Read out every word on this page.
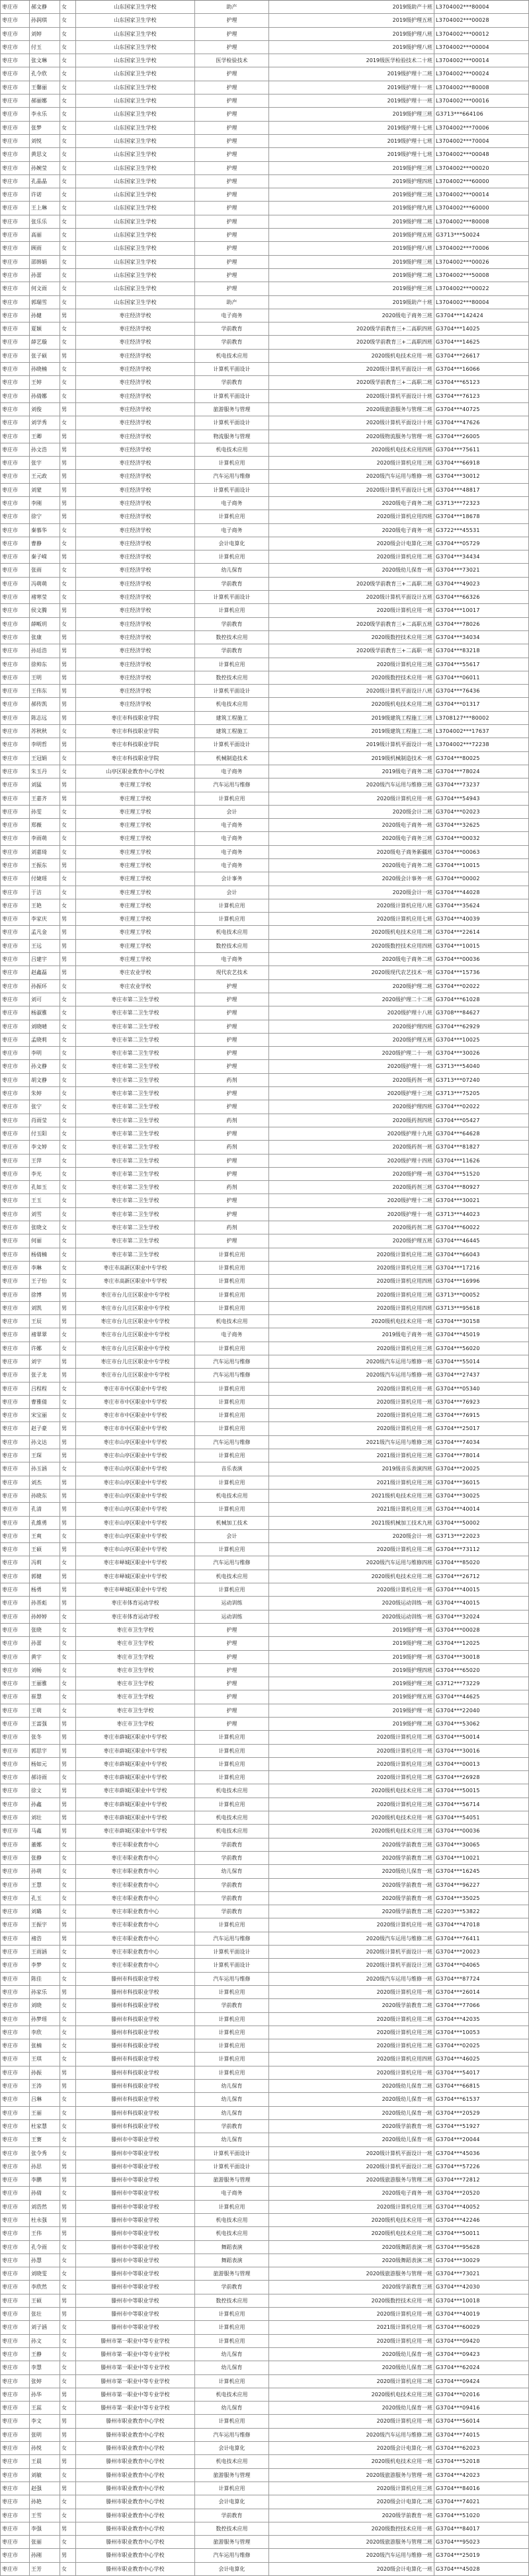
枣庄市	郝文静	女	山东国家卫生学校	助产	2019级助产十班 L3704002***80004
枣庄市	孙润琪	女	山东国家卫生学校	护理	2019级护理五班 L3704002***00028
枣庄市	刘婷	女	山东国家卫生学校	护理	2019级护理八班 L3704002***00012
枣庄市	付玉	女	山东国家卫生学校	护理	2019级护理八班 L3704002***00004
枣庄市	张文琳	女	山东国家卫生学校	医学检验技术	2019级医学检验技术二十班 L3704002***00014
枣庄市	孔令欣	女	山东国家卫生学校	护理	2019级护理十二班 L3704002***00024
枣庄市	王馨丽	女	山东国家卫生学校	护理	2019级护理十一班 L3704002***80008
枣庄市	郝丽娜	女	山东国家卫生学校	护理	2019级护理十一班 L3704002***00016
枣庄市	李永乐	女	山东国家卫生学校	护理	2019级护理三班 G3713***664106
枣庄市	张梦	女	山东国家卫生学校	护理	2019级护理十七班 L3704002***70006
枣庄市	刘悦	女	山东国家卫生学校	护理	2019级护理十七班 L3704002***70004
枣庄市	黄思文	女	山东国家卫生学校	护理	2019级护理十七班 L3704002***00048
枣庄市	孙婉莹	女	山东国家卫生学校	护理	2019级护理三班 L3704002***00020
枣庄市	孔晶晶	女	山东国家卫生学校	护理	2019级护理四班 L3704002***60000
枣庄市	许诺	女	山东国家卫生学校	护理	2019级护理三班 L3704002***00014
枣庄市	王上琳	女	山东国家卫生学校	护理	2019级护理九班 L3704002***60000
枣庄市	张乐乐	女	山东国家卫生学校	护理	2019级护理二班 L3704002***80008
枣庄市	高丽	女	山东国家卫生学校	护理	2019级护理五班 G3713***50024
枣庄市	顾雨	女	山东国家卫生学校	护理	2019级护理八班 L3704002***70006
枣庄市	邵韩娟	女	山东国家卫生学校	护理	2019级护理三班 L3704002***00026
枣庄市	孙蕾	女	山东国家卫生学校	护理	2019级护理二班 L3704002***50008
枣庄市	何文雨	女	山东国家卫生学校	护理	2019级护理三班 L3704002***00022
枣庄市	郭瑞雪	女	山东国家卫生学校	助产	2019级助产十班 L3704002***80004
枣庄市	孙健	男	枣庄经济学校	电子商务	2020级电子商务三班 G3704***142424
枣庄市	夏颖	女	枣庄经济学校	学前教育	2020级学前教育三+二高职四班 G3704***14025
枣庄市	薛艺璇	女	枣庄经济学校	学前教育	2020级学前教育三+二高职四班 G3704***14625
枣庄市	张子硕	男	枣庄经济学校	机电技术应用	2020级机电技术应用一班 G3704***26617
枣庄市	孙晓楠	女	枣庄经济学校	计算机平面设计	2020级计算机平面设计一班 G3704***16066
枣庄市	王婷	女	枣庄经济学校	学前教育	2020级学前教育三+二高职二班 G3704***65123
枣庄市	孙倩娜	女	枣庄经济学校	计算机平面设计	2020级计算机平面设计十班 G3704***76123
枣庄市	刘俊	男	枣庄经济学校	旅游服务与管理	2020级旅游服务与管理二班 G3704***40725
枣庄市	刘学秀	女	枣庄经济学校	计算机平面设计	2020级计算机平面设计十班 G3704***47626
枣庄市	王卿	男	枣庄经济学校	物流服务与管理	2020级物流服务与管理一班 G3704***26005
枣庄市	孙文浩	男	枣庄经济学校	机电技术应用	2020级机电技术应用四班 G3704***75611
枣庄市	张宇	男	枣庄经济学校	计算机应用	2020级计算机应用三班 G3704***66918
枣庄市	王元政	男	枣庄经济学校	汽车运用与维修	2020级汽车运用与维修一班 G3704***30012
枣庄市	刘蒙	男	枣庄经济学校	计算机平面设计	2020级计算机平面设计七班 G3704***48817
枣庄市	李刚	男	枣庄经济学校	电子商务	2020级电子商务二班 G3713***72323
枣庄市	徐宁	男	枣庄经济学校	计算机应用	2020级计算机应用四班 G3704***18678
枣庄市	秦慕华	女	枣庄经济学校	电子商务	2020级电子商务一班 G3722***45531
枣庄市	曹静	女	枣庄经济学校	会计电算化	2020级会计电算化三班 G3704***05729
枣庄市	秦子嵘	男	枣庄经济学校	计算机应用	2020级计算机应用二班 G3704***34434
枣庄市	张雨	女	枣庄经济学校	幼儿保育	2020级幼儿保育一班 G3704***73021
枣庄市	冯萌萌	女	枣庄经济学校	学前教育	2020级学前教育三+二高职二班 G3704***49023
枣庄市	褚寒莹	女	枣庄经济学校	计算机平面设计	2020级计算机平面设计五班 G3704***66326
枣庄市	侯文腾	男	枣庄经济学校	计算机应用	2020级计算机应用一班 G3704***10017
枣庄市	薛畈玥	女	枣庄经济学校	学前教育	2020级学前教育三+二高职五班 G3704***78026
枣庄市	张康	男	枣庄经济学校	数控技术应用	2020级数控技术应用三班 G3704***34034
枣庄市	孙廷浩	男	枣庄经济学校	学前教育	2020级学前教育三+二高职一班 G3704***83218
枣庄市	徐帅东	男	枣庄经济学校	计算机应用	2020级计算机应用三班 G3704***55617
枣庄市	王明	男	枣庄经济学校	数控技术应用	2020级数控技术应用一班 G3704***06011
枣庄市	王伟东	男	枣庄经济学校	计算机平面设计	2020级计算机平面设计八班 G3704***76436
枣庄市	郝传凯	男	枣庄经济学校	机电技术应用	2020级机电技术应用二班 G3704***01317
枣庄市	陈志远	男	枣庄市科技职业学院	建筑工程施工	2019级建筑工程施工三班 L3708127***80002
枣庄市	苏秋秋	女	枣庄市科技职业学院	建筑工程施工	2019级建筑工程施工二班 L3704002***17637
枣庄市	李明哲	男	枣庄市科技职业学院	计算机平面设计	2019级计算机平面设计一班 L3704002***72238
枣庄市	王冠娟	女	枣庄市科技职业学院	机械制造技术	2019级机械制造技术一班 G3704***80025
枣庄市	朱玉丹	女	山亭区职业教育中心学校	电子商务	2019级电子商务二班 G3704***78024
枣庄市	刘猛	男	枣庄理工学校	汽车运用与维修	2020级汽车运用与维修三班 G3704***73237
枣庄市	王嘉齐	男	枣庄理工学校	计算机应用	2020级计算机应用一班 G3704***54943
枣庄市	孙雯	女	枣庄理工学校	会计	2020级会计二班 G3704***02023
枣庄市	郑薇	女	枣庄理工学校	电子商务	2020级电子商务一班 G3704***32625
枣庄市	李雨萌	女	枣庄理工学校	电子商务	2020级电子商务三班 G3704***00032
枣庄市	刘嘉琦	女	枣庄理工学校	电子商务	2020级电子商务新疆班 G3704***00063
枣庄市	王振东	男	枣庄理工学校	电子商务	2020级电子商务二班 G3704***10015
枣庄市	付婕瑶	女	枣庄理工学校	会计事务	2020级会计事务一班 G3704***00002
枣庄市	于洁	女	枣庄理工学校	会计	2020级会计一班 G3704***44028
枣庄市	王艳	女	枣庄理工学校	计算机应用	2020级计算机应用八班 G3704***35624
枣庄市	李家庆	男	枣庄理工学校	计算机应用	2020级计算机应用七班 G3704***40039
枣庄市	孟凡金	男	枣庄理工学校	机电技术应用	2020级机电技术应用二班 G3704***22614
枣庄市	王远	男	枣庄理工学校	数控技术应用	2020级数控技术应用四班 G3704***10015
枣庄市	吕建宇	男	枣庄理工学校	电子商务	2020级电子商务二班 G3704***00036
枣庄市	赵鑫磊	男	枣庄农业学校	现代农艺技术	2020级现代农艺技术一班 G3704***15736
枣庄市	孙振环	女	枣庄农业学校	护理	2020级护理二班 G3704***02022
枣庄市	刘可	女	枣庄市第二卫生学校	护理	2020级护理二十二班 G3704***61028
枣庄市	杨淑雅	女	枣庄市第二卫生学校	护理	2020级护理十八班 G3708***84627
枣庄市	刘晓晴	女	枣庄市第二卫生学校	护理	2020级护理四班 G3704***62929
枣庄市	孟晓莉	女	枣庄市第二卫生学校	护理	2020级护理五班 G3704***10025
枣庄市	李明	女	枣庄市第二卫生学校	护理	2020级护理二十一班 G3704***30026
枣庄市	孙文静	女	枣庄市第二卫生学校	护理	2020级护理十一班 G3713***54040
枣庄市	胡文静	女	枣庄市第二卫生学校	药剂	2020级药剂一班 G3713***07240
枣庄市	朱婷	女	枣庄市第二卫生学校	护理	2020级护理十三班 G3713***75205
枣庄市	张宁	女	枣庄市第二卫生学校	护理	2020级护理四班 G3704***02022
枣庄市	肖雨莹	女	枣庄市第二卫生学校	药剂	2020级药剂四班 G3704***05427
枣庄市	付玉阳	女	枣庄市第二卫生学校	护理	2020级护理十九班 G3704***64628
枣庄市	李文婷	女	枣庄市第二卫生学校	药剂	2020级药剂一班 G3704***81827
枣庄市	王萍	女	枣庄市第二卫生学校	护理	2020级护理十四班 G3704***11626
枣庄市	李光	女	枣庄市第二卫生学校	护理	2020级护理一班 G3704***51520
枣庄市	孔如玉	女	枣庄市第二卫生学校	药剂	2020级药剂三班 G3704***80927
枣庄市	王玉	女	枣庄市第二卫生学校	护理	2020级护理十二班 G3704***30021
枣庄市	刘雪	女	枣庄市第二卫生学校	护理	2020级护理十一班 G3713***44023
枣庄市	张晓文	女	枣庄市第二卫生学校	药剂	2020级药剂二班 G3704***60022
枣庄市	何丽	女	枣庄市第二卫生学校	护理	2020级护理五班 G3704***46445
枣庄市	杨倩楠	女	枣庄市第二卫生学校	计算机应用	2020级计算机应用二班 G3704***66043
枣庄市	李琳	女	枣庄市高新区职业中专学校	计算机应用	2020级计算机应用三班 G3704***17216
枣庄市	王子怡	女	枣庄市高新区职业中专学校	计算机应用	2020级计算机应用四班 G3704***16996
枣庄市	徐博	男	枣庄市台儿庄区职业中专学校	计算机应用	2020级计算机应用三班 G3713***00052
枣庄市	刘凯	男	枣庄市台儿庄区职业中专学校	计算机应用	2020级计算机应用四班 G3713***95618
枣庄市	王辰	男	枣庄市台儿庄区职业中专学校	机电技术应用	2020级机电技术应用一班 G3704***30158
枣庄市	褚翠翠	女	枣庄市台儿庄区职业中专学校	电子商务	2019级电子商务一班 G3704***45019
枣庄市	许娜	女	枣庄市台儿庄区职业中专学校	计算机应用	2020级计算机应用三班 G3704***56020
枣庄市	刘宇	男	枣庄市台儿庄区职业中专学校	汽车运用与维修	2020级汽车运用与维修一班 G3704***55014
枣庄市	张子龙	男	枣庄市台儿庄区职业中专学校	汽车运用与维修	2020级汽车运用与维修一班 G3704***27437
枣庄市	吕程程	女	枣庄市市中区职业中专学校	计算机应用	2020级计算机应用一班 G3704***05340
枣庄市	曹雅倩	女	枣庄市市中区职业中专学校	计算机应用	2020级计算机应用一班 G3704***76923
枣庄市	宋宝丽	女	枣庄市市中区职业中专学校	计算机应用	2020级计算机应用二班 G3704***76915
枣庄市	赵子豪	男	枣庄市市中区职业中专学校	计算机应用	2020级计算机应用一班 G3704***25017
枣庄市	孙文达	男	枣庄市山亭区职业中专学校	汽车运用与维修	2021级汽车运用与维修三班 G3704***74034
枣庄市	王琛	男	枣庄市山亭区职业中专学校	计算机应用	2021级计算机应用三班 G3704***78014
枣庄市	孙玉涵	女	枣庄市山亭区职业中专学校	音乐表演	2019级音乐表演四班 G3704***20025
枣庄市	刘杰	男	枣庄市山亭区职业中专学校	计算机应用	2021级计算机应用三班 G3704***36015
枣庄市	孙晓东	男	枣庄市山亭区职业中专学校	机电技术应用	2021级机电技术应用三班 G3704***30025
枣庄市	孔清	男	枣庄市山亭区职业中专学校	计算机应用	2021级计算机应用三班 G3704***40014
枣庄市	孔維勇	男	枣庄市山亭区职业中专学校	机械加工技术	2021级机械加工技术九班 G3704***50002
枣庄市	王爽	女	枣庄市山亭区职业中专学校	会计	2020级会计一班 G3713***22023
枣庄市	王硕	男	枣庄市山亭区职业中专学校	计算机应用	2020级计算机应用二班 G3704***73112
枣庄市	冯莉	女	枣庄市峄城区职业中专学校	汽车运用与维修	2020级汽车运用与维修四班 G3704***85020
枣庄市	郭健	男	枣庄市峄城区职业中专学校	机电技术应用	2020级机电技术应用二班 G3704***26712
枣庄市	杨勇	男	枣庄市峄城区职业中专学校	计算机应用	2020级计算机应用一班 G3704***40015
枣庄市	孙晋彪	男	枣庄市体育运动学校	运动训练	2020级运动训练一班 G3704***40015
枣庄市	孙婷婷	女	枣庄市体育运动学校	运动训练	2020级运动训练一班 G3704***32024
枣庄市	张晓	女	枣庄市卫生学校	护理	2019级护理一班 G3704***00028
枣庄市	孙蕾	女	枣庄市卫生学校	护理	2019级护理二班 G3704***12025
枣庄市	黄宇	女	枣庄市卫生学校	护理	2019级护理一班 G3704***30018
枣庄市	刘畅	女	枣庄市卫生学校	护理	2019级护理四班 G3704***65020
枣庄市	王丽雅	女	枣庄市卫生学校	护理	2019级护理三班 G3712***73229
枣庄市	崔慧	女	枣庄市卫生学校	护理	2019级护理五班 G3704***44625
枣庄市	王萌	女	枣庄市卫生学校	护理	2019级护理一班 G3704***22040
枣庄市	王富强	男	枣庄市卫生学校	护理	2019级护理二班 G3704***53062
枣庄市	张冬	男	枣庄市薛城区职业中专学校	计算机应用	2020级计算机应用二班 G3704***50014
枣庄市	郭思宇	男	枣庄市薛城区职业中专学校	计算机应用	2020级计算机应用一班 G3704***30016
枣庄市	杨如元	男	枣庄市薛城区职业中专学校	计算机应用	2020级计算机应用三班 G3704***00013
枣庄市	郝诗雨	女	枣庄市薛城区职业中专学校	计算机应用	2020级计算机应用二班 G3704***26928
枣庄市	徐文	男	枣庄市薛城区职业中专学校	机电技术应用	2020级机电技术应用二班 G3704***50015
枣庄市	孙鑫	男	枣庄市薛城区职业中专学校	计算机应用	2020级计算机应用三班 G3704***56714
枣庄市	刘壮	男	枣庄市薛城区职业中专学校	机电技术应用	2020级机电技术应用一班 G3704***54051
枣庄市	马鑫	男	枣庄市薛城区职业中专学校	机电技术应用	2020级机电技术应用三班 G3704***00036
枣庄市	董娜	女	枣庄市职业教育中心	学前教育	2020级学前教育三班 G3704***30065
枣庄市	张静	女	枣庄市职业教育中心	学前教育	2020级学前教育二班 G3704***10021
枣庄市	孙萌	女	枣庄市职业教育中心	幼儿保育	2020级幼儿保育一班 G3704***16245
枣庄市	王慧	女	枣庄市职业教育中心	学前教育	2020级学前教育一班 G3704***96227
枣庄市	孔玉	女	枣庄市职业教育中心	学前教育	2020级学前教育一班 G3704***35025
枣庄市	刘璐	女	枣庄市职业教育中心	学前教育	2020级学前教育二班 G2203***53822
枣庄市	王振宇	男	枣庄市职业教育中心	计算机应用	2020级计算机应用一班 G3704***47018
枣庄市	褚浩	男	枣庄市职业教育中心	汽车运用与维修	2020级汽车运用与维修二班 G3704***76411
枣庄市	王雨涵	女	枣庄市职业教育中心	计算机平面设计	2020级计算机平面设计一班 G3704***20023
枣庄市	李梦	女	枣庄市职业教育中心	计算机平面设计	2020级计算机平面设计三班 G3704***04065
枣庄市	陈佳	女	滕州市科技职业学校	汽车运用与维修	2020级汽车运用与维修一班 G3704***87724
枣庄市	孙家乐	男	滕州市科技职业学校	计算机应用	2020级计算机应用一班 G3704***26014
枣庄市	刘晓	女	滕州市科技职业学校	学前教育	2020级学前教育二班 G3704***77066
枣庄市	孙梦瑶	女	滕州市科技职业学校	计算机应用	2020级计算机应用二班 G3704***42035
枣庄市	李欣	女	滕州市科技职业学校	计算机应用	2020级计算机应用三班 G3704***10053
枣庄市	张楠	女	滕州市科技职业学校	计算机应用	2020级计算机应用二班 G3704***02025
枣庄市	王琪	女	滕州市科技职业学校	计算机应用	2020级计算机应用四班 G3704***46025
枣庄市	孙振	男	滕州市科技职业学校	计算机应用	2020级计算机应用一班 G3704***54017
枣庄市	王涛	男	滕州市科技职业学校	幼儿保育	2020级幼儿保育二班 G3704***66815
枣庄市	吕琳	女	滕州市科技职业学校	幼儿保育	2020级幼儿保育一班 G3704***61537
枣庄市	王丽	女	滕州市科技职业学校	幼儿保育	2020级幼儿保育一班 G3704***20529
枣庄市	杜家慧	女	滕州市科技职业学校	学前教育	2020级学前教育一班 G3704***51927
枣庄市	王赛	女	滕州市中等职业学校	幼儿保育	2020级幼儿保育一班 G3704***20044
枣庄市	张令秀	女	滕州市中等职业学校	计算机平面设计	2020级计算机平面设计一班 G3704***45036
枣庄市	孙思	男	滕州市中等职业学校	计算机平面设计	2020级计算机平面设计二班 G3704***57226
枣庄市	李鹏	男	滕州市中等职业学校	旅游服务与管理	2020级旅游服务与管理二班 G3704***72812
枣庄市	孙倩	女	滕州市中等职业学校	电子商务	2020级电子商务一班 G3704***20520
枣庄市	刘浩然	男	滕州市中等职业学校	计算机应用	2020级计算机应用三班 G3704***40052
枣庄市	杜永强	男	滕州市中等职业学校	机电技术应用	2020级机电技术应用一班 G3704***42246
枣庄市	王伟	男	滕州市中等职业学校	机电技术应用	2020级机电技术应用二班 G3704***50011
枣庄市	孔令雨	女	滕州市中等职业学校	舞蹈表演	2020级舞蹈表演一班 G3704***95628
枣庄市	孙慧	女	滕州市中等职业学校	舞蹈表演	2020级舞蹈表演二班 G3704***30029
枣庄市	刘晓雯	女	滕州市中等职业学校	旅游服务与管理	2020级旅游服务与管理一班 G3704***73021
枣庄市	李欣然	女	滕州市中等职业学校	学前教育	2020级学前教育三班 G3704***42030
枣庄市	王硕	男	滕州市中等职业学校	数控技术应用	2020级数控技术应用一班 G3704***10018
枣庄市	张壮	男	滕州市中等职业学校	计算机应用	2020级计算机应用一班 G3704***40019
枣庄市	刘子涵	女	滕州市中等职业学校	计算机应用	2021级计算机应用一班 G3704***60029
枣庄市	孙文	女	滕州市第一职业中等专业学校	计算机应用	2020级计算机应用一班 G3704***09420
枣庄市	王静	女	滕州市第一职业中等专业学校	幼儿保育	2020级幼儿保育一班 G3704***09423
枣庄市	李慧	女	滕州市第一职业中等专业学校	幼儿保育	2020级幼儿保育二班 G3704***62024
枣庄市	张婷	女	滕州市第一职业中等专业学校	计算机应用	2020级计算机应用二班 G3704***09424
枣庄市	孙华	男	滕州市第一职业中等专业学校	机电技术应用	2020级机电技术应用三班 G3704***02016
枣庄市	王蕊	女	滕州市第一职业中等专业学校	幼儿保育	2020级幼儿保育一班 G3704***09416
枣庄市	李文	男	滕州市职业教育中心学校	计算机应用	2020级计算机应用一班 G3704***56014
枣庄市	张明	男	滕州市职业教育中心学校	汽车运用与维修	2020级汽车运用与维修二班 G3704***74015
枣庄市	孙悦	女	滕州市职业教育中心学校	会计电算化	2020级会计电算化一班 G3704***62023
枣庄市	王晨	男	滕州市职业教育中心学校	机电技术应用	2020级机电技术应用一班 G3704***52018
枣庄市	刘敏	女	滕州市职业教育中心学校	旅游服务与管理	2020级旅游服务与管理一班 G3704***42023
枣庄市	赵强	男	滕州市职业教育中心学校	计算机应用	2020级计算机应用三班 G3704***84016
枣庄市	孙艳	女	滕州市职业教育中心学校	会计电算化	2020级会计电算化二班 G3704***74021
枣庄市	王雪	女	滕州市职业教育中心学校	学前教育	2020级学前教育一班 G3704***51020
枣庄市	李强	男	滕州市职业教育中心学校	数控技术应用	2020级数控技术应用一班 G3704***84017
枣庄市	张丽	女	滕州市职业教育中心学校	旅游服务与管理	2020级旅游服务与管理二班 G3704***95023
枣庄市	孙刚	男	滕州市职业教育中心学校	汽车运用与维修	2020级汽车运用与维修一班 G3704***25019
枣庄市	王芳	女	滕州市职业教育中心学校	会计电算化	2020级会计电算化一班 G3704***45028
